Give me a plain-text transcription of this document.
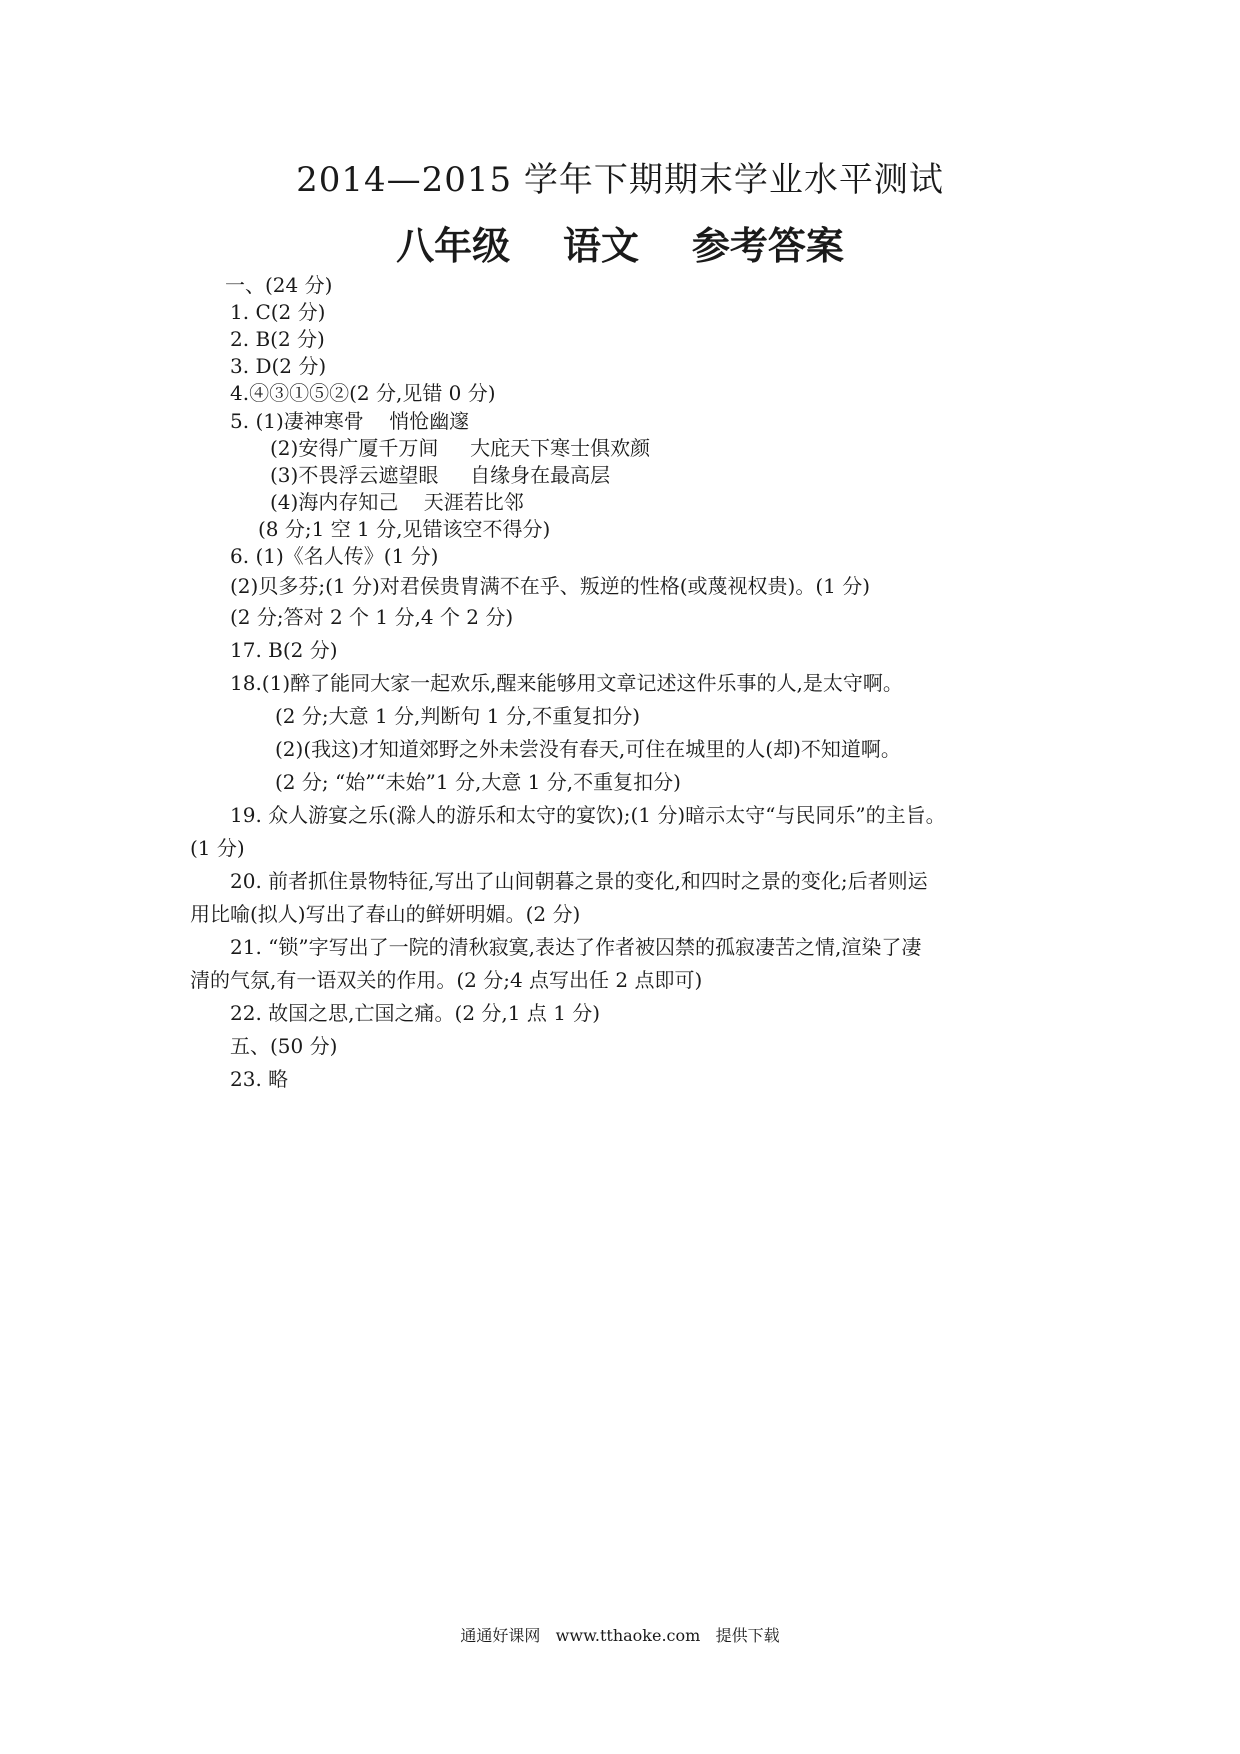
2014—2015 学年下期期末学业水平测试
八年级    语文    参考答案
一、(24 分)
1. C(2 分)
2. B(2 分)
3. D(2 分)
4.④③①⑤②(2 分,见错 0 分)
5. (1)凄神寒骨    悄怆幽邃
(2)安得广厦千万间     大庇天下寒士俱欢颜
(3)不畏浮云遮望眼     自缘身在最高层
(4)海内存知己    天涯若比邻
(8 分;1 空 1 分,见错该空不得分)
6. (1)《名人传》(1 分)
(2)贝多芬;(1 分)对君侯贵胄满不在乎、叛逆的性格(或蔑视权贵)。(1 分)
(2 分;答对 2 个 1 分,4 个 2 分)
17. B(2 分)
18.(1)醉了能同大家一起欢乐,醒来能够用文章记述这件乐事的人,是太守啊。
(2 分;大意 1 分,判断句 1 分,不重复扣分)
(2)(我这)才知道郊野之外未尝没有春天,可住在城里的人(却)不知道啊。
(2 分; “始”“未始”1 分,大意 1 分,不重复扣分)
19. 众人游宴之乐(滁人的游乐和太守的宴饮);(1 分)暗示太守“与民同乐”的主旨。
(1 分)
20. 前者抓住景物特征,写出了山间朝暮之景的变化,和四时之景的变化;后者则运
用比喻(拟人)写出了春山的鲜妍明媚。(2 分)
21. “锁”字写出了一院的清秋寂寞,表达了作者被囚禁的孤寂凄苦之情,渲染了凄
清的气氛,有一语双关的作用。(2 分;4 点写出任 2 点即可)
22. 故国之思,亡国之痛。(2 分,1 点 1 分)
五、(50 分)
23. 略
通通好课网   www.tthaoke.com   提供下载
